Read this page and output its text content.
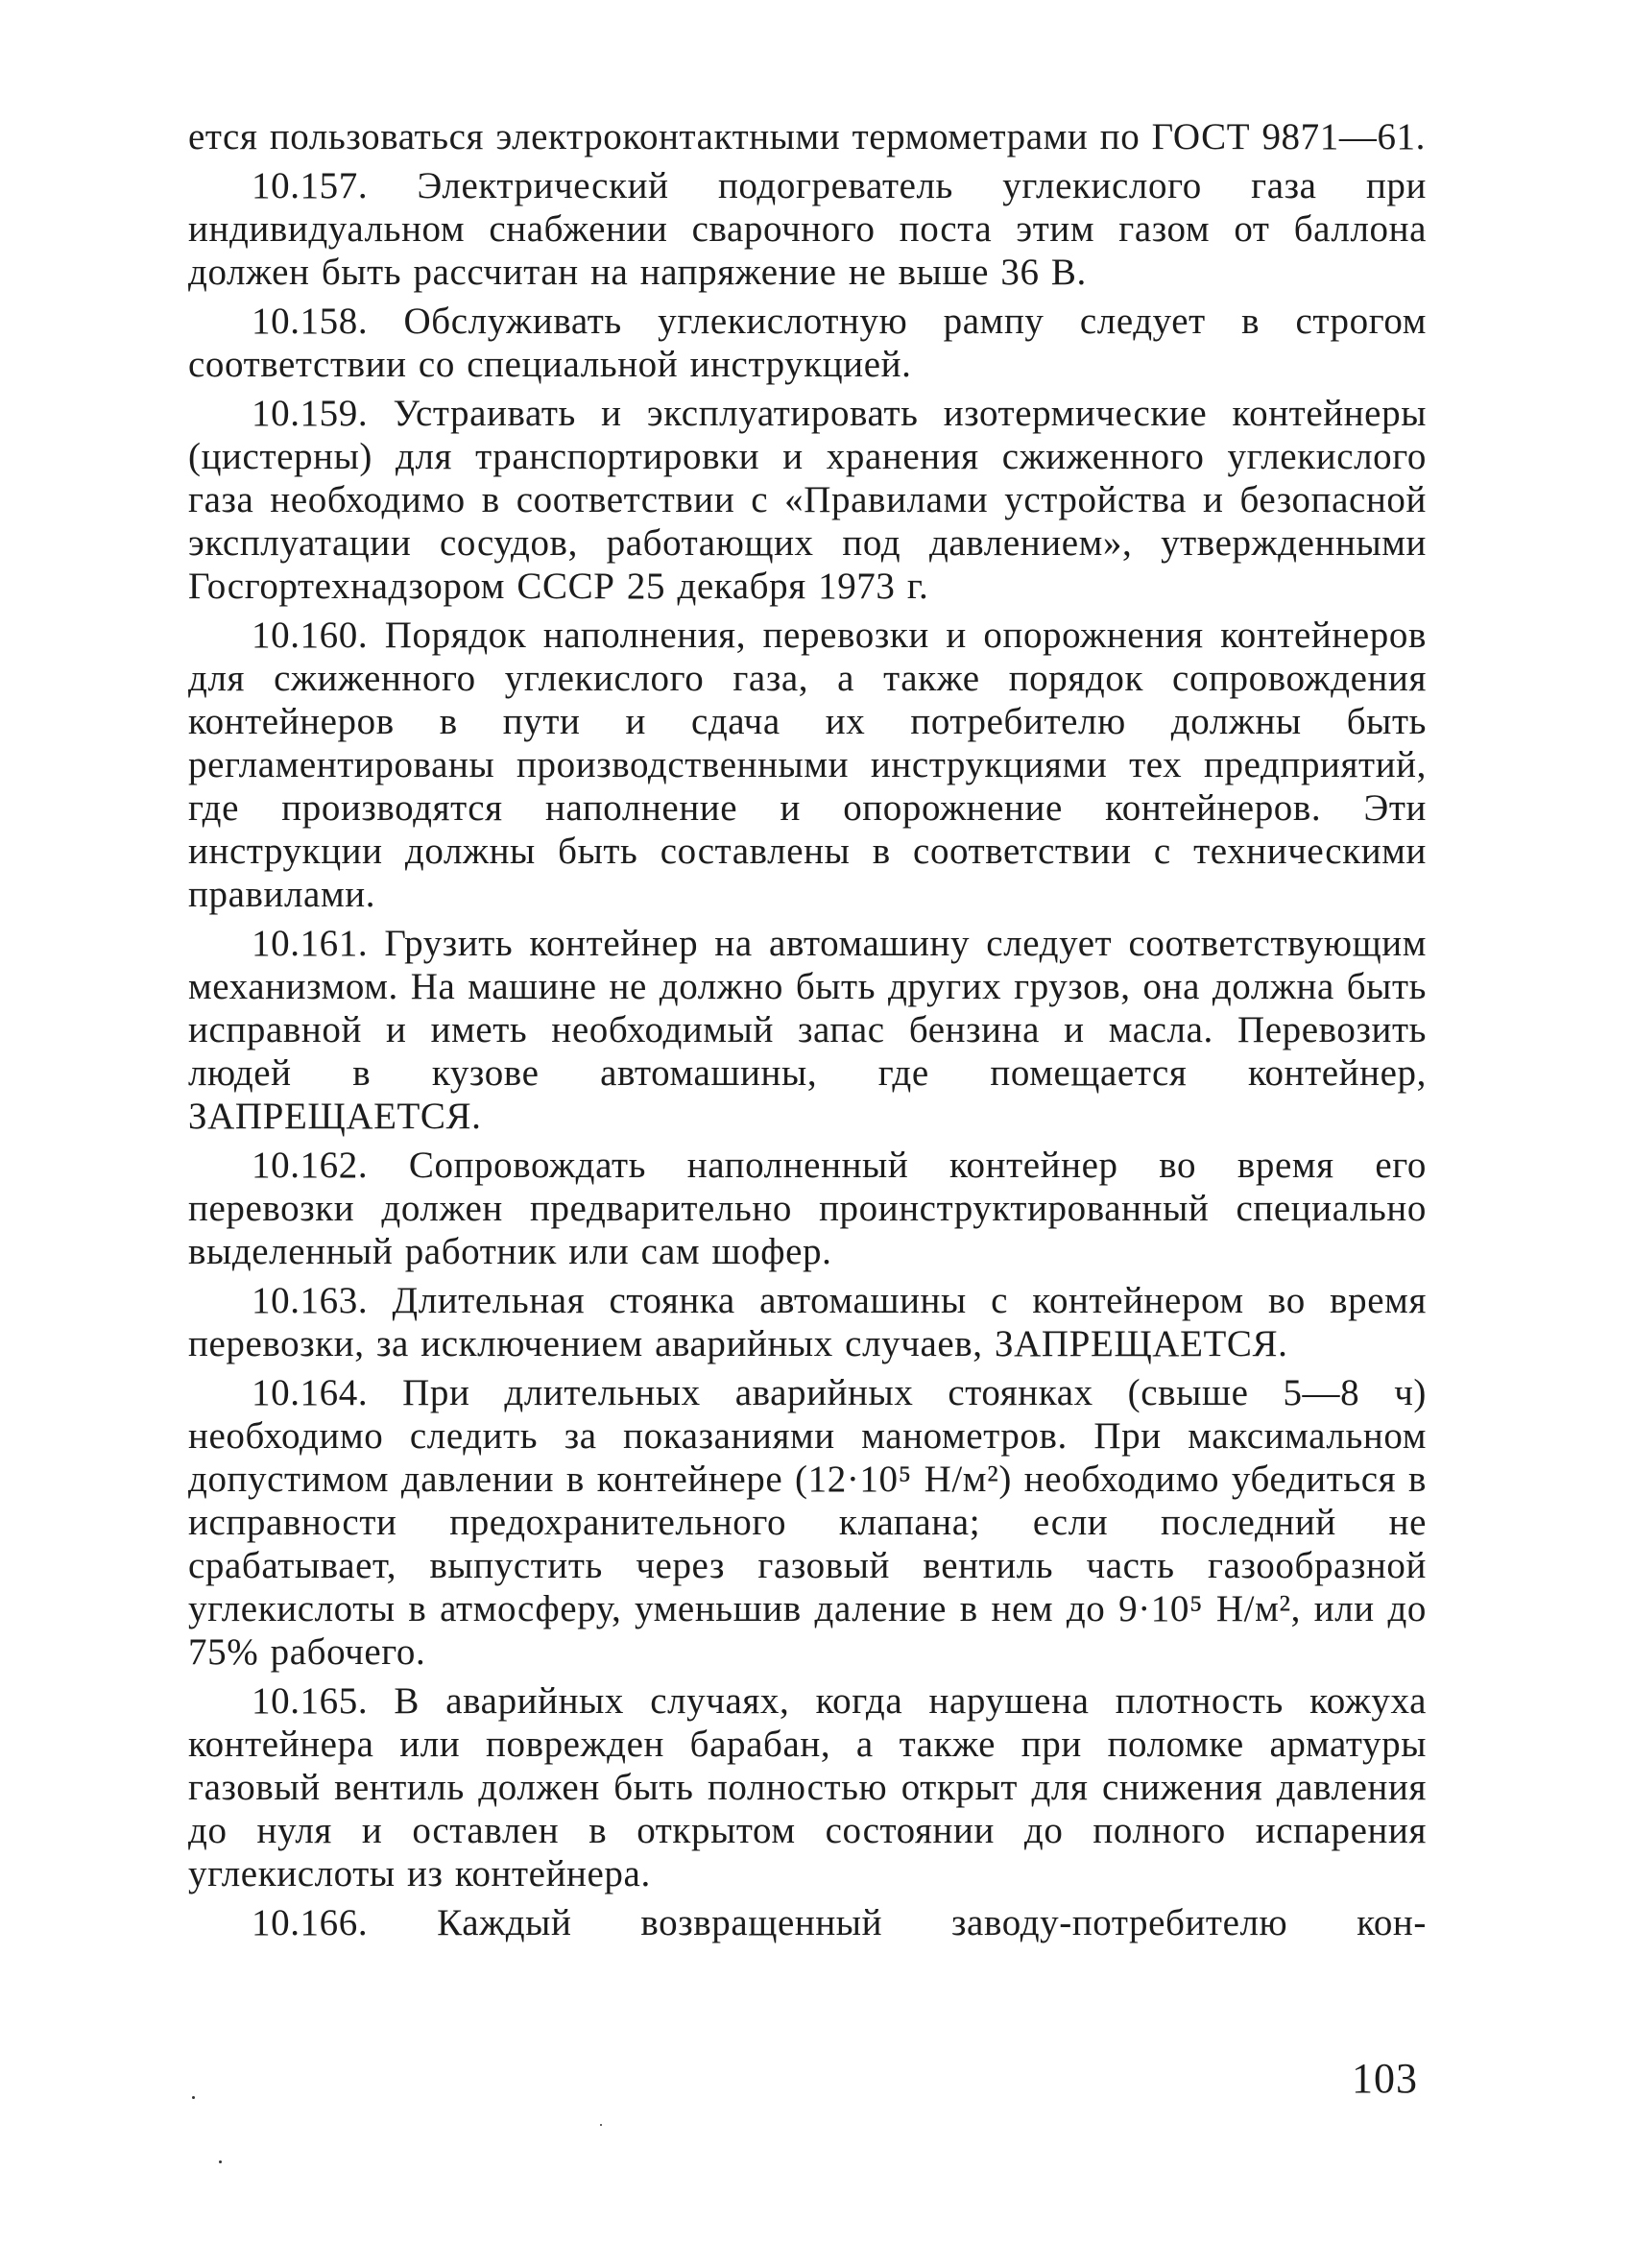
ется пользоваться электроконтактными термометрами по ГОСТ 9871—61.

10.157. Электрический подогреватель углекислого газа при индивидуальном снабжении сварочного поста этим газом от баллона должен быть рассчитан на напряжение не выше 36 В.

10.158. Обслуживать углекислотную рампу следует в строгом соответствии со специальной инструкцией.

10.159. Устраивать и эксплуатировать изотермические контейнеры (цистерны) для транспортировки и хранения сжиженного углекислого газа необходимо в соответствии с «Правилами устройства и безопасной эксплуатации сосудов, работающих под давлением», утвержденными Госгортехнадзором СССР 25 декабря 1973 г.

10.160. Порядок наполнения, перевозки и опорожнения контейнеров для сжиженного углекислого газа, а также порядок сопровождения контейнеров в пути и сдача их потребителю должны быть регламентированы производственными инструкциями тех предприятий, где производятся наполнение и опорожнение контейнеров. Эти инструкции должны быть составлены в соответствии с техническими правилами.

10.161. Грузить контейнер на автомашину следует соответствующим механизмом. На машине не должно быть других грузов, она должна быть исправной и иметь необходимый запас бензина и масла. Перевозить людей в кузове автомашины, где помещается контейнер, ЗАПРЕЩАЕТСЯ.

10.162. Сопровождать наполненный контейнер во время его перевозки должен предварительно проинструктированный специально выделенный работник или сам шофер.

10.163. Длительная стоянка автомашины с контейнером во время перевозки, за исключением аварийных случаев, ЗАПРЕЩАЕТСЯ.

10.164. При длительных аварийных стоянках (свыше 5—8 ч) необходимо следить за показаниями манометров. При максимальном допустимом давлении в контейнере (12·10⁵ Н/м²) необходимо убедиться в исправности предохранительного клапана; если последний не срабатывает, выпустить через газовый вентиль часть газообразной углекислоты в атмосферу, уменьшив даление в нем до 9·10⁵ Н/м², или до 75% рабочего.

10.165. В аварийных случаях, когда нарушена плотность кожуха контейнера или поврежден барабан, а также при поломке арматуры газовый вентиль должен быть полностью открыт для снижения давления до нуля и оставлен в открытом состоянии до полного испарения углекислоты из контейнера.

10.166. Каждый возвращенный заводу-потребителю кон-

103
